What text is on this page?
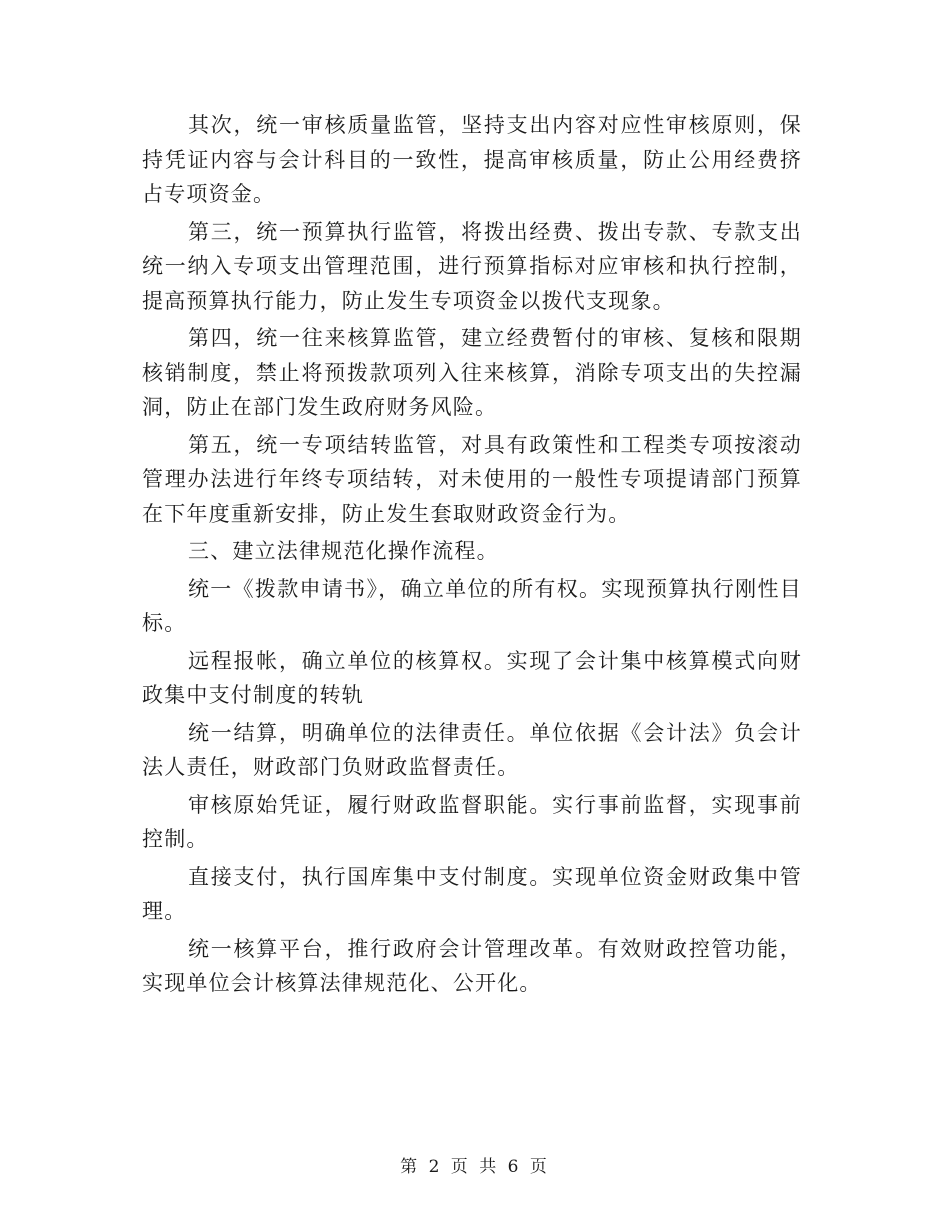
其次，统一审核质量监管，坚持支出内容对应性审核原则，保持凭证内容与会计科目的一致性，提高审核质量，防止公用经费挤占专项资金。

第三，统一预算执行监管，将拨出经费、拨出专款、专款支出统一纳入专项支出管理范围，进行预算指标对应审核和执行控制，提高预算执行能力，防止发生专项资金以拨代支现象。

第四，统一往来核算监管，建立经费暂付的审核、复核和限期核销制度，禁止将预拨款项列入往来核算，消除专项支出的失控漏洞，防止在部门发生政府财务风险。

第五，统一专项结转监管，对具有政策性和工程类专项按滚动管理办法进行年终专项结转，对未使用的一般性专项提请部门预算在下年度重新安排，防止发生套取财政资金行为。

三、建立法律规范化操作流程。

统一《拨款申请书》，确立单位的所有权。实现预算执行刚性目标。

远程报帐，确立单位的核算权。实现了会计集中核算模式向财政集中支付制度的转轨

统一结算，明确单位的法律责任。单位依据《会计法》负会计法人责任，财政部门负财政监督责任。

审核原始凭证，履行财政监督职能。实行事前监督，实现事前控制。

直接支付，执行国库集中支付制度。实现单位资金财政集中管理。

统一核算平台，推行政府会计管理改革。有效财政控管功能，实现单位会计核算法律规范化、公开化。

第 2 页 共 6 页
